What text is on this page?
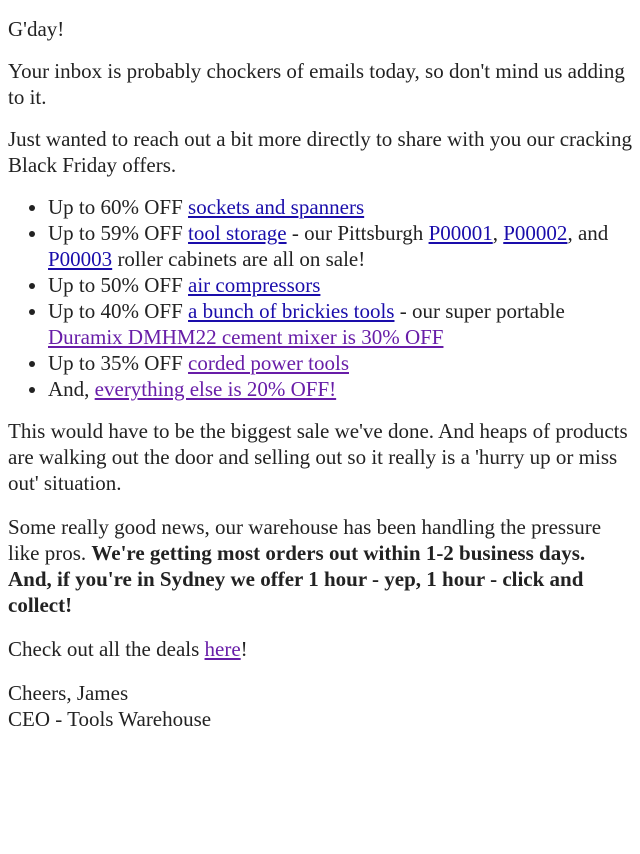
G'day!

Your inbox is probably chockers of emails today, so don't mind us adding to it.

Just wanted to reach out a bit more directly to share with you our cracking Black Friday offers.

• Up to 60% OFF sockets and spanners
• Up to 59% OFF tool storage - our Pittsburgh P00001, P00002, and P00003 roller cabinets are all on sale!
• Up to 50% OFF air compressors
• Up to 40% OFF a bunch of brickies tools - our super portable Duramix DMHM22 cement mixer is 30% OFF
• Up to 35% OFF corded power tools
• And, everything else is 20% OFF!

This would have to be the biggest sale we've done. And heaps of products are walking out the door and selling out so it really is a 'hurry up or miss out' situation.

Some really good news, our warehouse has been handling the pressure like pros. We're getting most orders out within 1-2 business days. And, if you're in Sydney we offer 1 hour - yep, 1 hour - click and collect!

Check out all the deals here!

Cheers, James

CEO - Tools Warehouse
